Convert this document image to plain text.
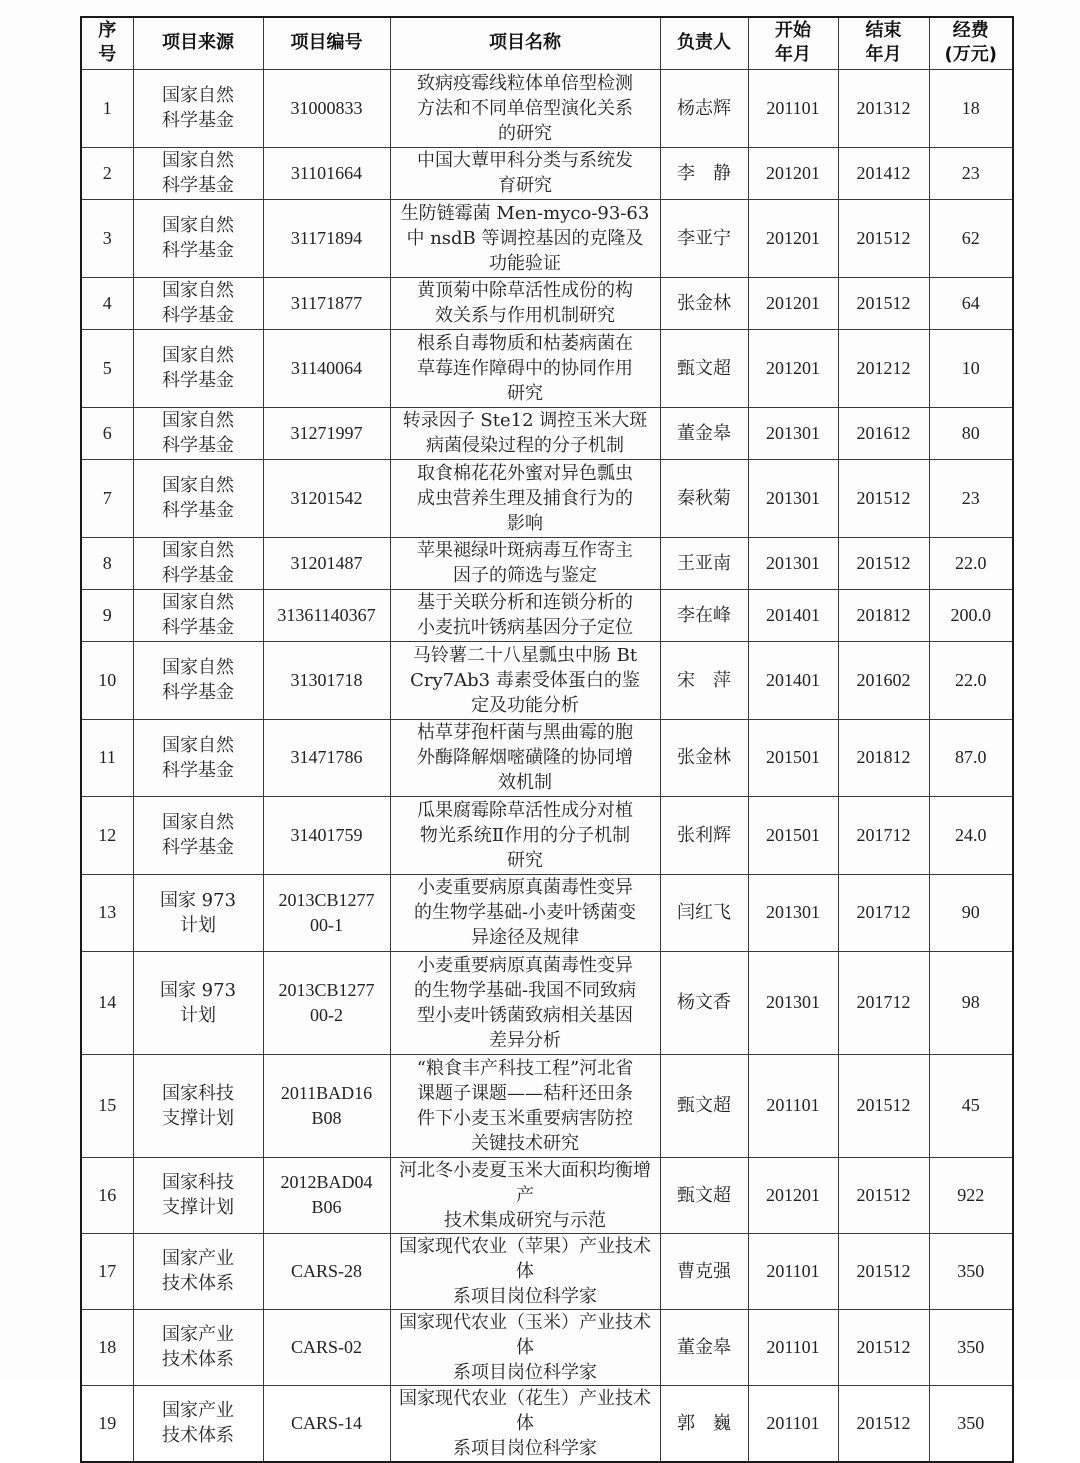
序
号	项目来源	项目编号	项目名称	负责人	开始
年月	结束
年月	经费
(万元)
1	国家自然
科学基金	31000833	致病疫霉线粒体单倍型检测
方法和不同单倍型演化关系
的研究	杨志辉	201101	201312	18
2	国家自然
科学基金	31101664	中国大蕈甲科分类与系统发
育研究	李　静	201201	201412	23
3	国家自然
科学基金	31171894	生防链霉菌 Men-myco-93-63
中 nsdB 等调控基因的克隆及
功能验证	李亚宁	201201	201512	62
4	国家自然
科学基金	31171877	黄顶菊中除草活性成份的构
效关系与作用机制研究	张金林	201201	201512	64
5	国家自然
科学基金	31140064	根系自毒物质和枯萎病菌在
草莓连作障碍中的协同作用
研究	甄文超	201201	201212	10
6	国家自然
科学基金	31271997	转录因子 Ste12 调控玉米大斑
病菌侵染过程的分子机制	董金皋	201301	201612	80
7	国家自然
科学基金	31201542	取食棉花花外蜜对异色瓢虫
成虫营养生理及捕食行为的
影响	秦秋菊	201301	201512	23
8	国家自然
科学基金	31201487	苹果褪绿叶斑病毒互作寄主
因子的筛选与鉴定	王亚南	201301	201512	22.0
9	国家自然
科学基金	31361140367	基于关联分析和连锁分析的
小麦抗叶锈病基因分子定位	李在峰	201401	201812	200.0
10	国家自然
科学基金	31301718	马铃薯二十八星瓢虫中肠 Bt
Cry7Ab3 毒素受体蛋白的鉴
定及功能分析	宋　萍	201401	201602	22.0
11	国家自然
科学基金	31471786	枯草芽孢杆菌与黑曲霉的胞
外酶降解烟嘧磺隆的协同增
效机制	张金林	201501	201812	87.0
12	国家自然
科学基金	31401759	瓜果腐霉除草活性成分对植
物光系统Ⅱ作用的分子机制
研究	张利辉	201501	201712	24.0
13	国家 973
计划	2013CB1277
00-1	小麦重要病原真菌毒性变异
的生物学基础-小麦叶锈菌变
异途径及规律	闫红飞	201301	201712	90
14	国家 973
计划	2013CB1277
00-2	小麦重要病原真菌毒性变异
的生物学基础-我国不同致病
型小麦叶锈菌致病相关基因
差异分析	杨文香	201301	201712	98
15	国家科技
支撑计划	2011BAD16
B08	“粮食丰产科技工程”河北省
课题子课题——秸秆还田条
件下小麦玉米重要病害防控
关键技术研究	甄文超	201101	201512	45
16	国家科技
支撑计划	2012BAD04
B06	河北冬小麦夏玉米大面积均衡增产
技术集成研究与示范	甄文超	201201	201512	922
17	国家产业
技术体系	CARS-28	国家现代农业（苹果）产业技术体
系项目岗位科学家	曹克强	201101	201512	350
18	国家产业
技术体系	CARS-02	国家现代农业（玉米）产业技术体
系项目岗位科学家	董金皋	201101	201512	350
19	国家产业
技术体系	CARS-14	国家现代农业（花生）产业技术体
系项目岗位科学家	郭　巍	201101	201512	350
